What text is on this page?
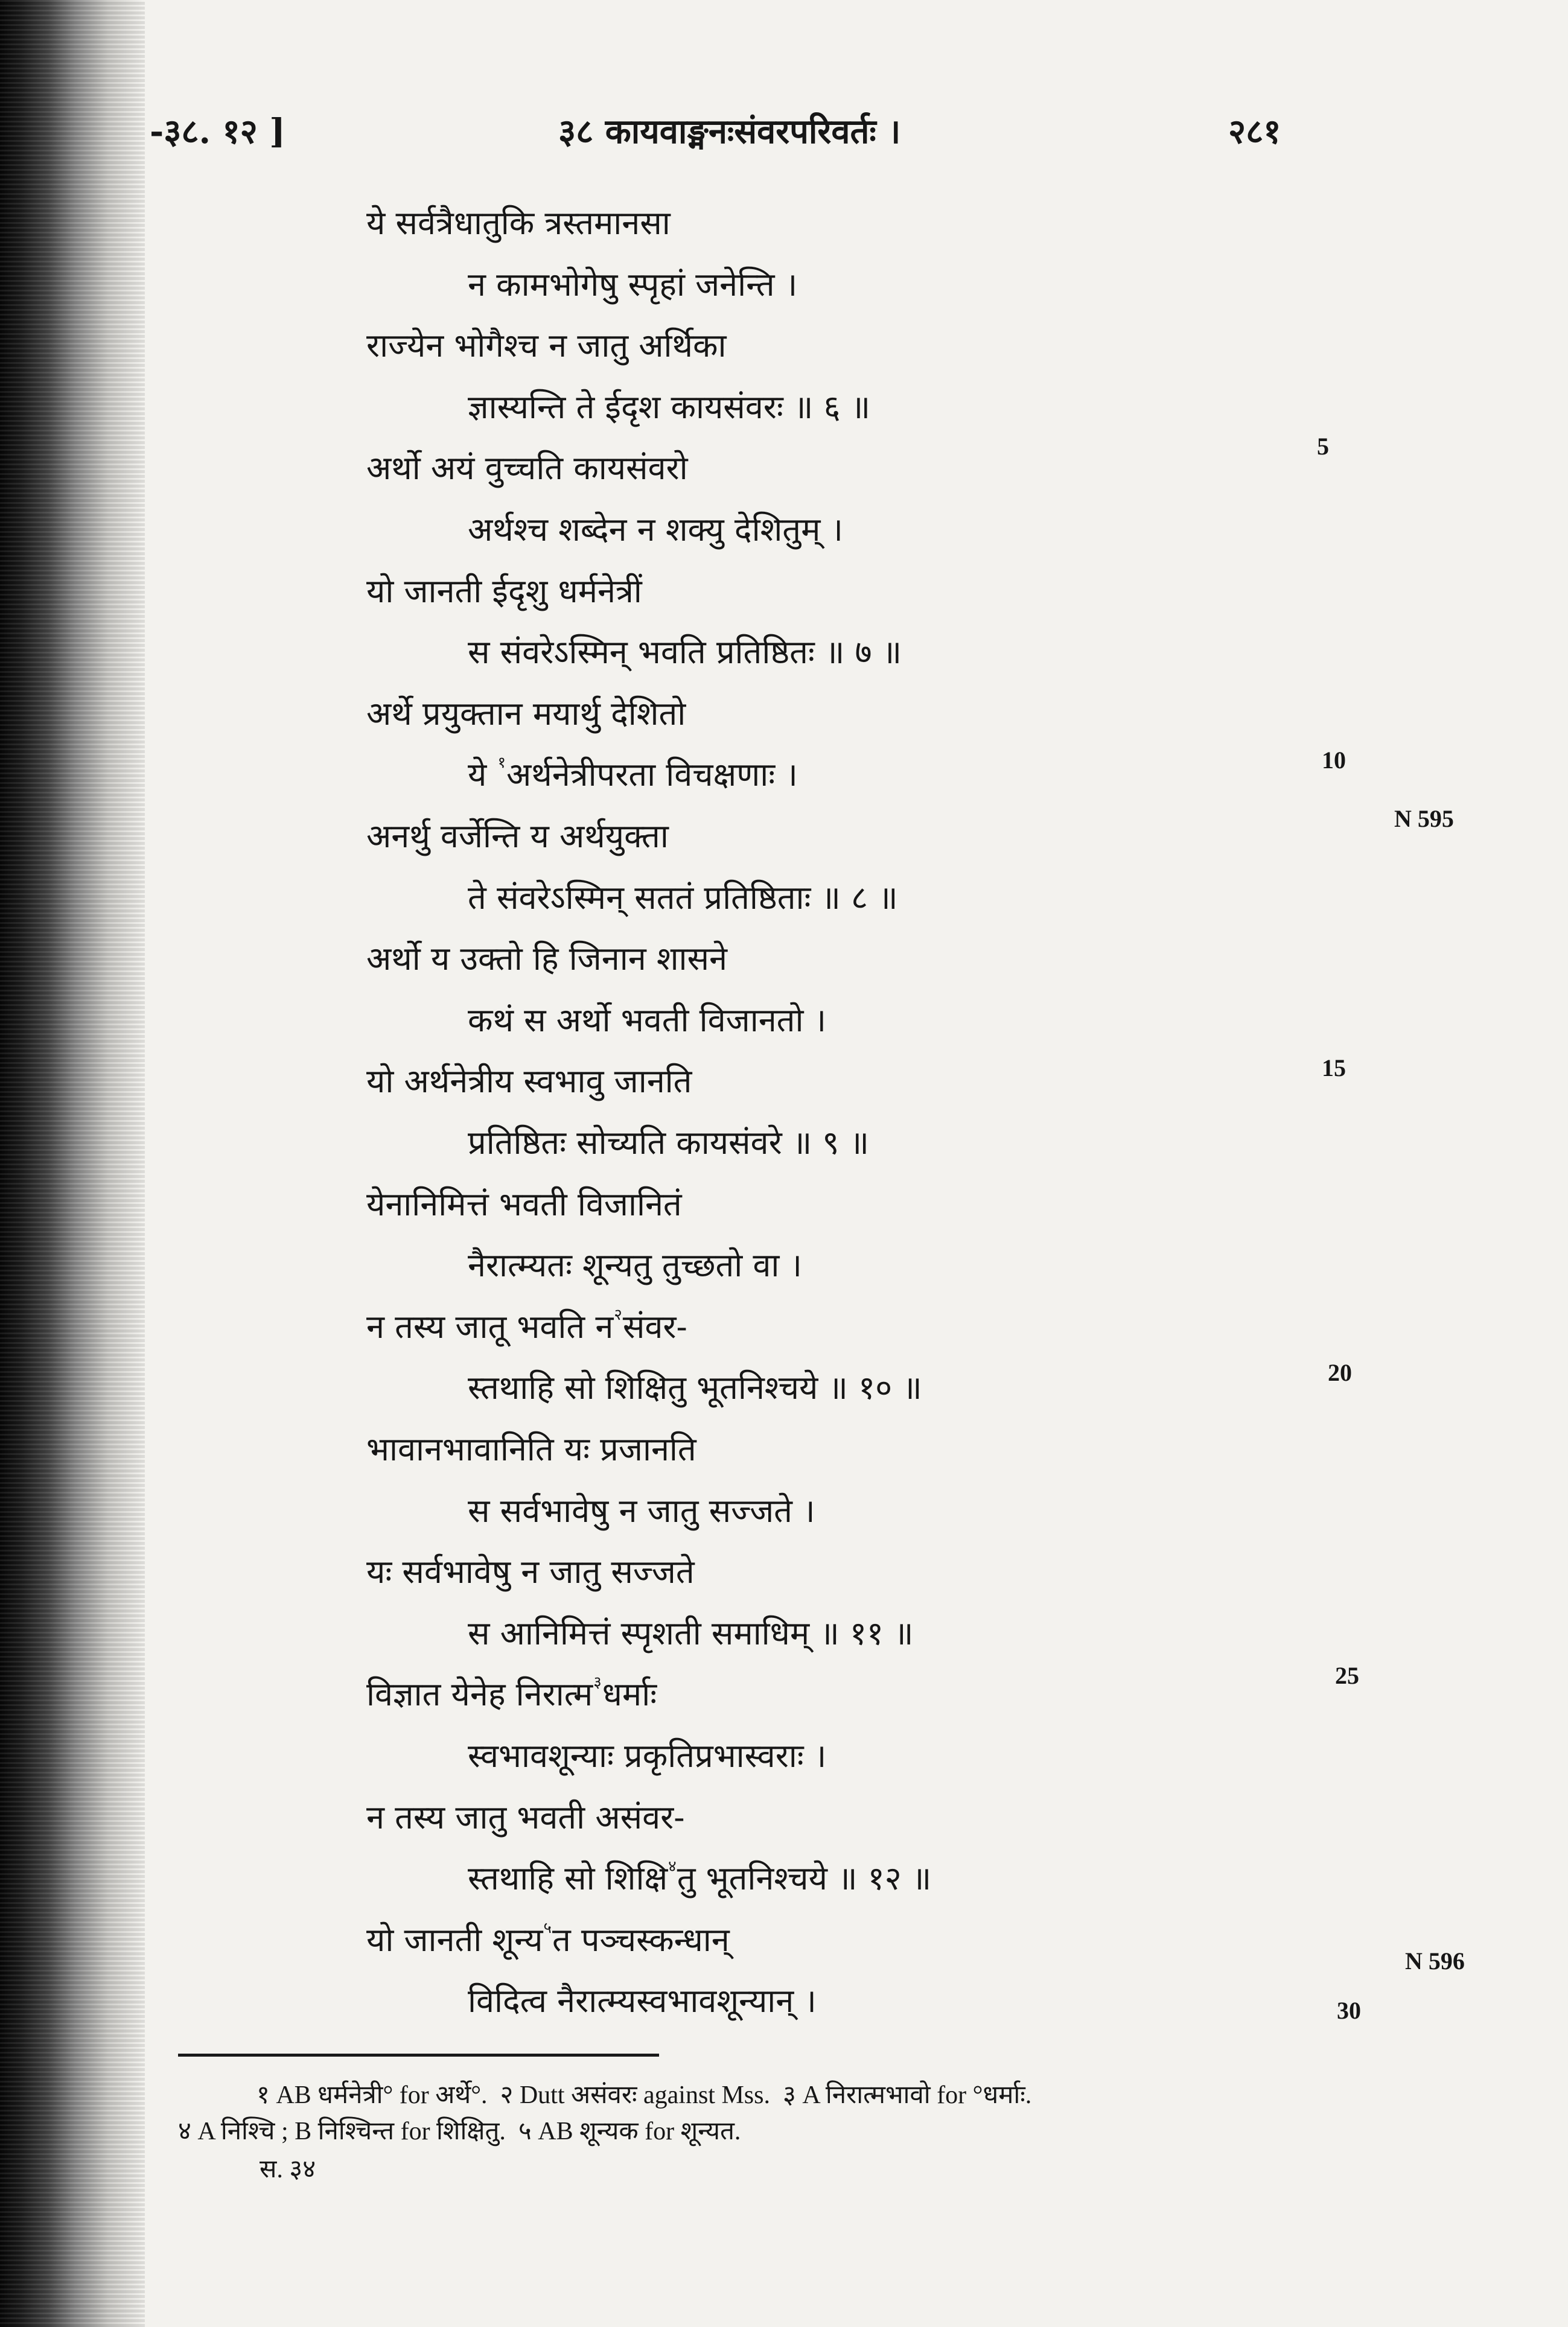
-३८. १२ ]	३८ कायवाङ्मनःसंवरपरिवर्तः ।	२८१
ये सर्वत्रैधातुकि त्रस्तमानसा
न कामभोगेषु स्पृहां जनेन्ति ।
राज्येन भोगैश्च न जातु अर्थिका
ज्ञास्यन्ति ते ईदृश कायसंवरः ॥ ६ ॥
अर्थो अयं वुच्चति कायसंवरो
अर्थश्च शब्देन न शक्यु देशितुम् ।
यो जानती ईदृशु धर्मनेत्रीं
स संवरेऽस्मिन् भवति प्रतिष्ठितः ॥ ७ ॥
अर्थे प्रयुक्तान मयार्थु देशितो
ये $^१$अर्थनेत्रीपरता विचक्षणाः ।
अनर्थु वर्जेन्ति य अर्थयुक्ता
ते संवरेऽस्मिन् सततं प्रतिष्ठिताः ॥ ८ ॥
अर्थो य उक्तो हि जिनान शासने
कथं स अर्थो भवती विजानतो ।
यो अर्थनेत्रीय स्वभावु जानति
प्रतिष्ठितः सोच्यति कायसंवरे ॥ ९ ॥
येनानिमित्तं भवती विजानितं
नैरात्म्यतः शून्यतु तुच्छतो वा ।
न तस्य जातू भवति न$^२$संवर-
स्तथाहि सो शिक्षितु भूतनिश्चये ॥ १० ॥
भावानभावानिति यः प्रजानति
स सर्वभावेषु न जातु सज्जते ।
यः सर्वभावेषु न जातु सज्जते
स आनिमित्तं स्पृशती समाधिम् ॥ ११ ॥
विज्ञात येनेह निरात्म$^३$धर्माः
स्वभावशून्याः प्रकृतिप्रभास्वराः ।
न तस्य जातु भवती असंवर-
स्तथाहि सो शिक्षि$^४$तु भूतनिश्चये ॥ १२ ॥
यो जानती शून्य$^५$त पञ्चस्कन्धान्
विदित्व नैरात्म्यस्वभावशून्यान् ।
5
10
N 595
15
20
25
N 596
30
१ AB धर्मनेत्री° for अर्थे°.  २ Dutt असंवरः against Mss.  ३ A निरात्मभावो for °धर्माः.
४ A निश्चि ; B निश्चिन्त for शिक्षितु.  ५ AB शून्यक for शून्यत.
स. ३४
